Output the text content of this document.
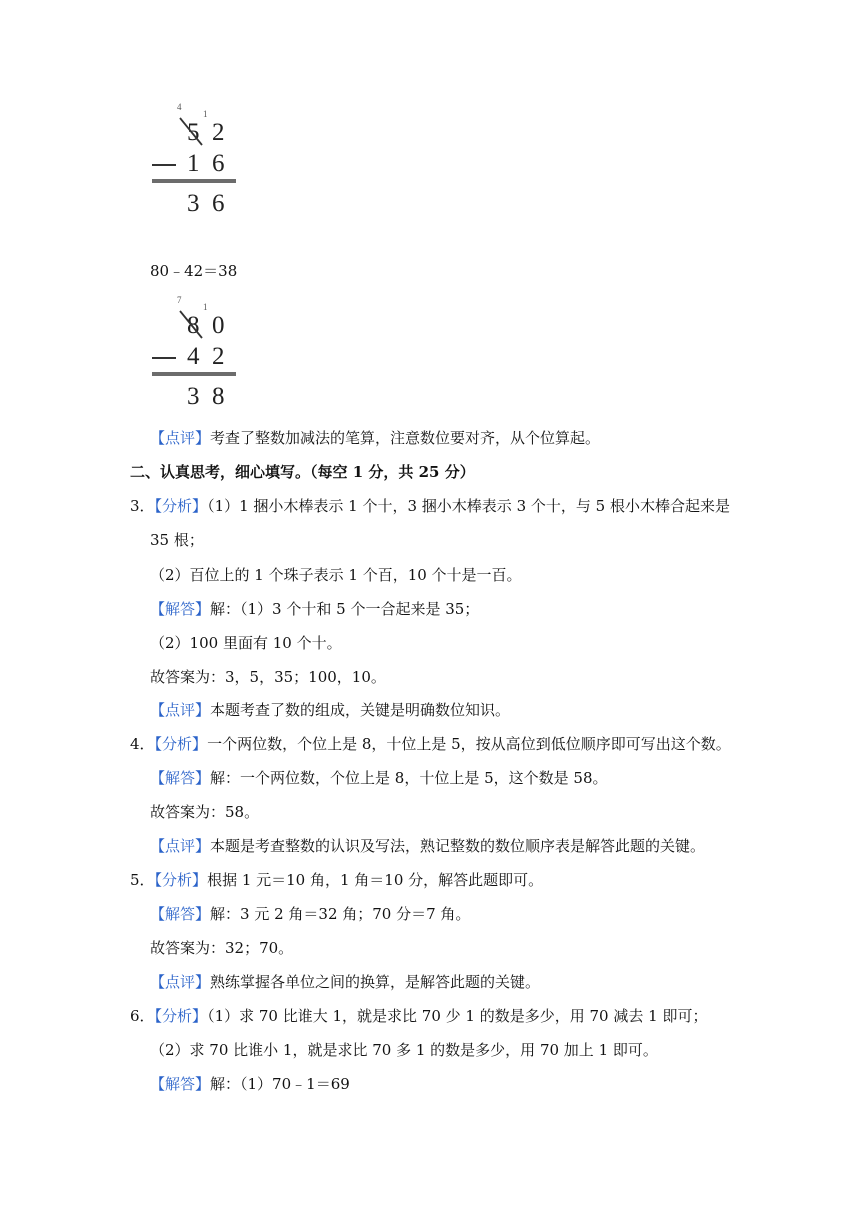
4
1
5 2
1 6
3 6
80﹣42＝38
7
1
8 0
4 2
3 8
【点评】考查了整数加减法的笔算，注意数位要对齐，从个位算起。
二、认真思考，细心填写。（每空 1 分，共 25 分）
3．【分析】（1）1 捆小木棒表示 1 个十，3 捆小木棒表示 3 个十，与 5 根小木棒合起来是
35 根；
（2）百位上的 1 个珠子表示 1 个百，10 个十是一百。
【解答】解：（1）3 个十和 5 个一合起来是 35；
（2）100 里面有 10 个十。
故答案为：3，5，35；100，10。
【点评】本题考查了数的组成，关键是明确数位知识。
4．【分析】一个两位数，个位上是 8，十位上是 5，按从高位到低位顺序即可写出这个数。
【解答】解：一个两位数，个位上是 8，十位上是 5，这个数是 58。
故答案为：58。
【点评】本题是考查整数的认识及写法，熟记整数的数位顺序表是解答此题的关键。
5．【分析】根据 1 元＝10 角，1 角＝10 分，解答此题即可。
【解答】解：3 元 2 角＝32 角；70 分＝7 角。
故答案为：32；70。
【点评】熟练掌握各单位之间的换算，是解答此题的关键。
6．【分析】（1）求 70 比谁大 1，就是求比 70 少 1 的数是多少，用 70 减去 1 即可；
（2）求 70 比谁小 1，就是求比 70 多 1 的数是多少，用 70 加上 1 即可。
【解答】解：（1）70﹣1＝69
